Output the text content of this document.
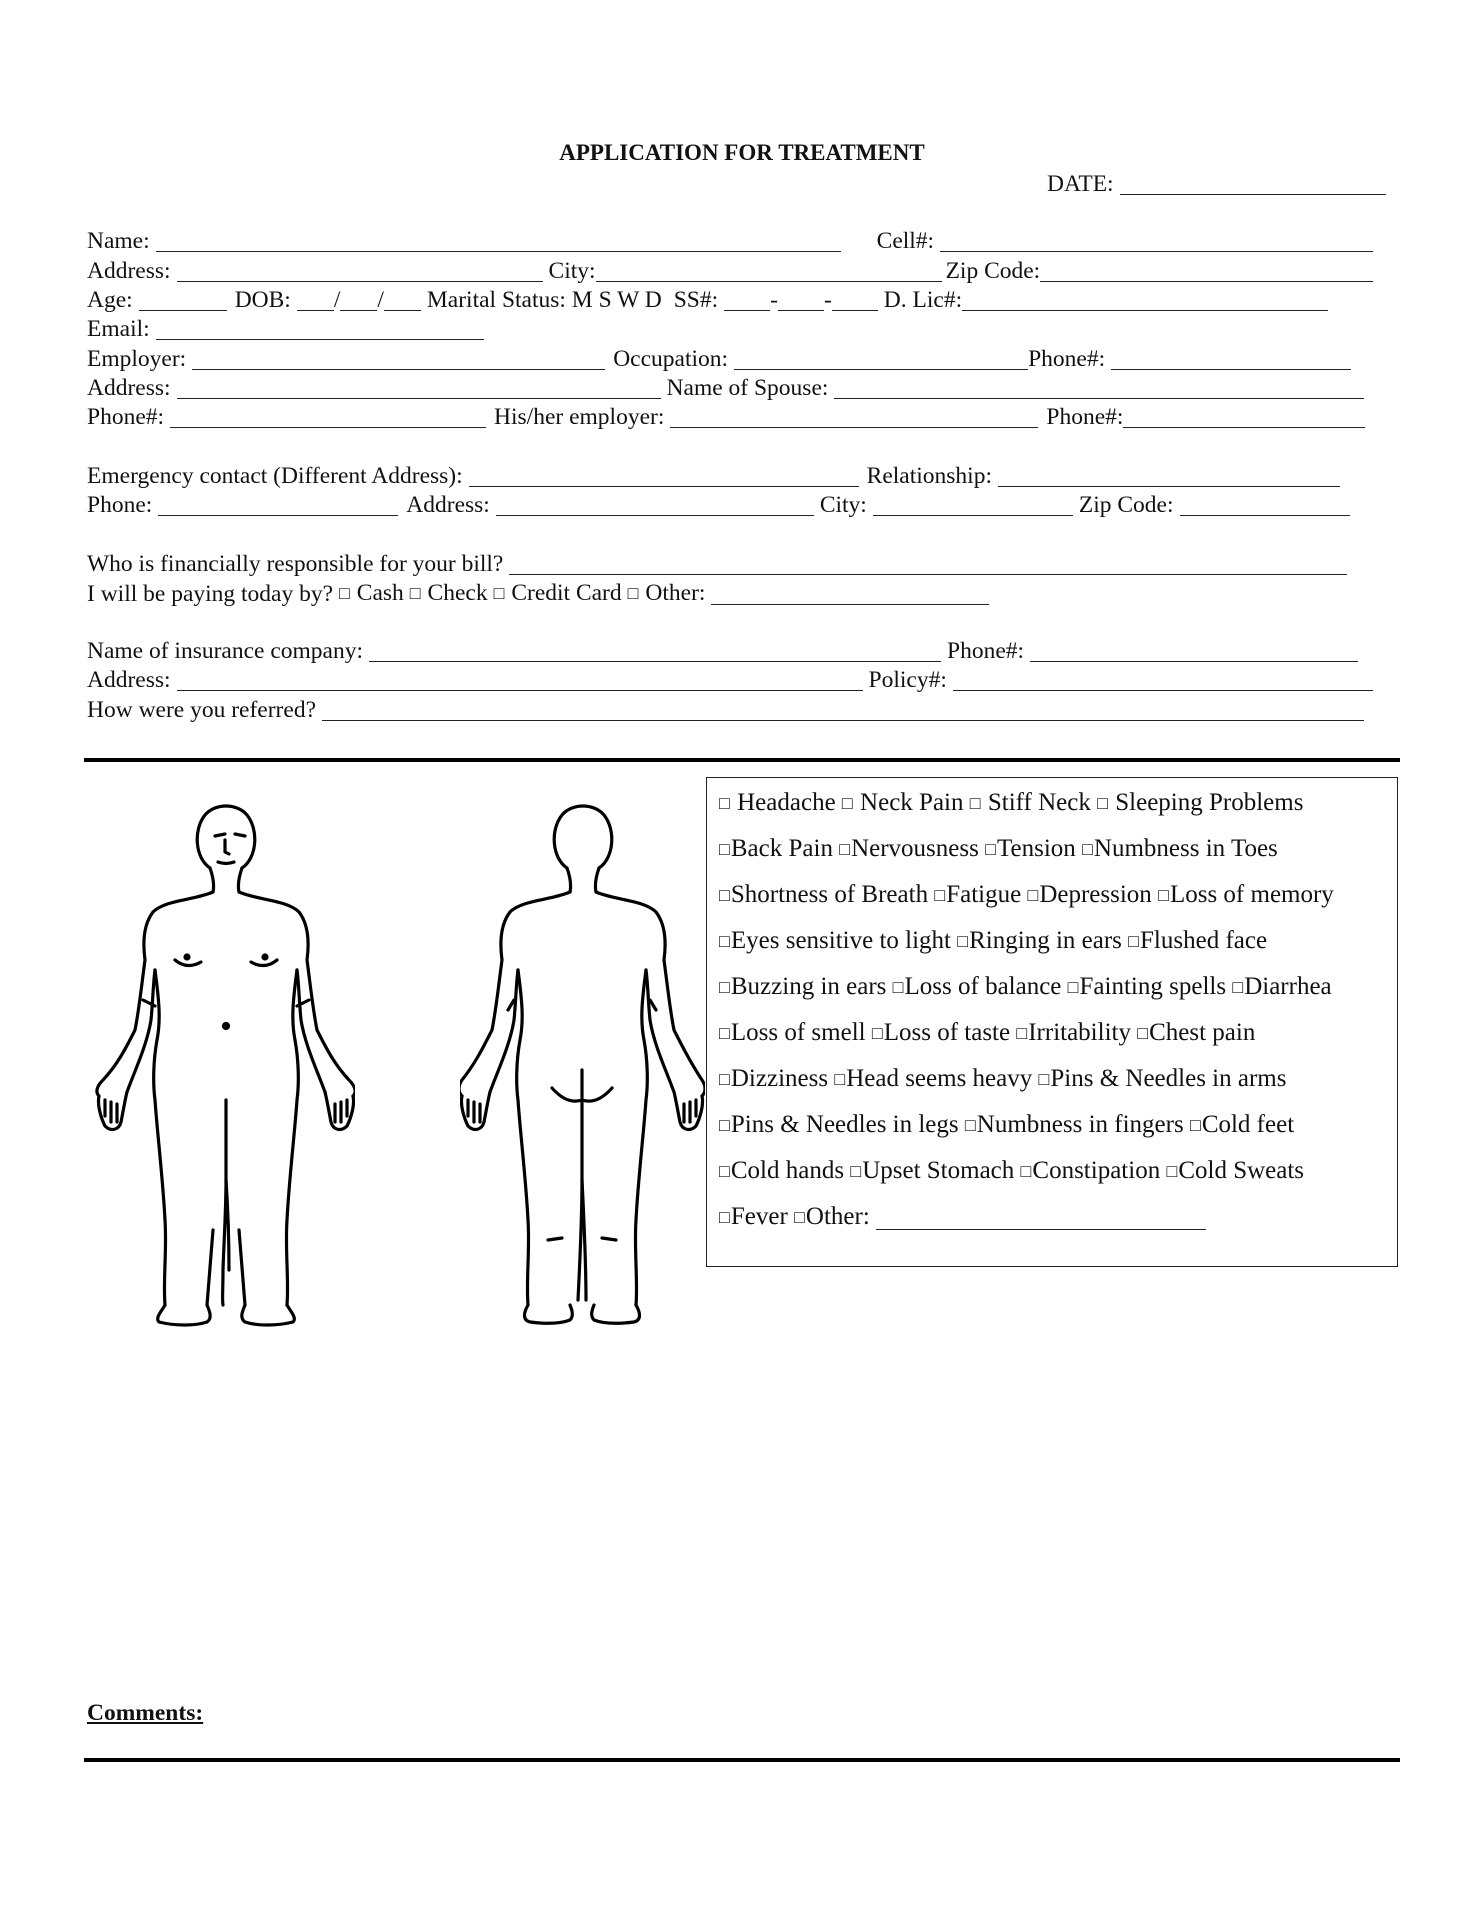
APPLICATION FOR TREATMENT
DATE:
Name:	Cell#:
Address:	City:	Zip Code:
Age:	DOB: / / Marital Status: M S W D SS#: - - D. Lic#:
Email:
Employer:	Occupation:	Phone#:
Address:	Name of Spouse:
Phone#:	His/her employer:	Phone#:
Emergency contact (Different Address):	Relationship:
Phone:	Address:	City:	Zip Code:
Who is financially responsible for your bill?
I will be paying today by? □ Cash □ Check □ Credit Card □ Other:
Name of insurance company:	Phone#:
Address:	Policy#:
How were you referred?
□ Headache □ Neck Pain □ Stiff Neck □ Sleeping Problems
□Back Pain □Nervousness □Tension □Numbness in Toes
□Shortness of Breath □Fatigue □Depression □Loss of memory
□Eyes sensitive to light □Ringing in ears □Flushed face
□Buzzing in ears □Loss of balance □Fainting spells □Diarrhea
□Loss of smell □Loss of taste □Irritability □Chest pain
□Dizziness □Head seems heavy □Pins & Needles in arms
□Pins & Needles in legs □Numbness in fingers □Cold feet
□Cold hands □Upset Stomach □Constipation □Cold Sweats
□Fever □Other:
Comments:
